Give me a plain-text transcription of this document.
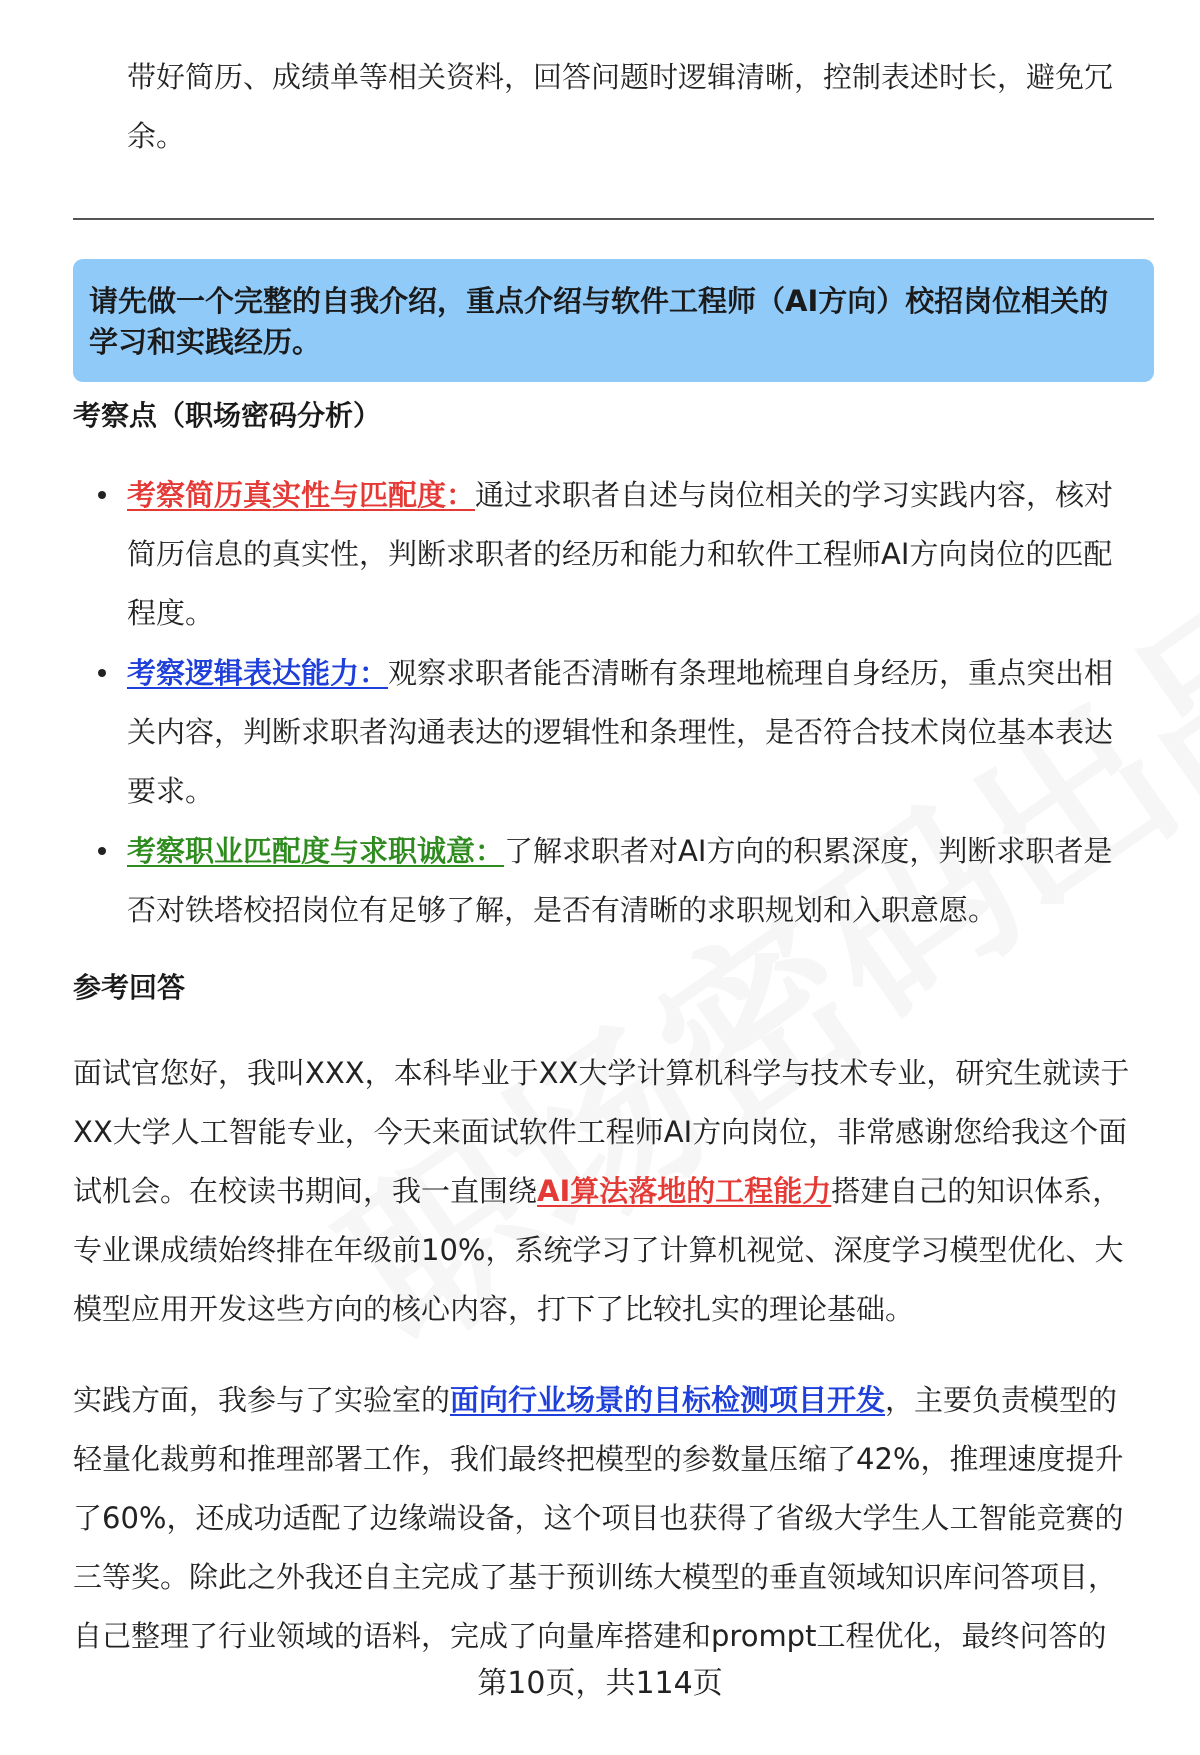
带好简历、成绩单等相关资料，回答问题时逻辑清晰，控制表述时长，避免冗
余。
请先做一个完整的自我介绍，重点介绍与软件工程师（AI方向）校招岗位相关的
学习和实践经历。
考察点（职场密码分析）
考察简历真实性与匹配度：通过求职者自述与岗位相关的学习实践内容，核对
简历信息的真实性，判断求职者的经历和能力和软件工程师AI方向岗位的匹配
程度。
考察逻辑表达能力：观察求职者能否清晰有条理地梳理自身经历，重点突出相
关内容，判断求职者沟通表达的逻辑性和条理性，是否符合技术岗位基本表达
要求。
考察职业匹配度与求职诚意：了解求职者对AI方向的积累深度，判断求职者是
否对铁塔校招岗位有足够了解，是否有清晰的求职规划和入职意愿。
参考回答
面试官您好，我叫XXX，本科毕业于XX大学计算机科学与技术专业，研究生就读于
XX大学人工智能专业，今天来面试软件工程师AI方向岗位，非常感谢您给我这个面
试机会。在校读书期间，我一直围绕AI算法落地的工程能力搭建自己的知识体系，
专业课成绩始终排在年级前10%，系统学习了计算机视觉、深度学习模型优化、大
模型应用开发这些方向的核心内容，打下了比较扎实的理论基础。
实践方面，我参与了实验室的面向行业场景的目标检测项目开发，主要负责模型的
轻量化裁剪和推理部署工作，我们最终把模型的参数量压缩了42%，推理速度提升
了60%，还成功适配了边缘端设备，这个项目也获得了省级大学生人工智能竞赛的
三等奖。除此之外我还自主完成了基于预训练大模型的垂直领域知识库问答项目，
自己整理了行业领域的语料，完成了向量库搭建和prompt工程优化，最终问答的
第10页，共114页
